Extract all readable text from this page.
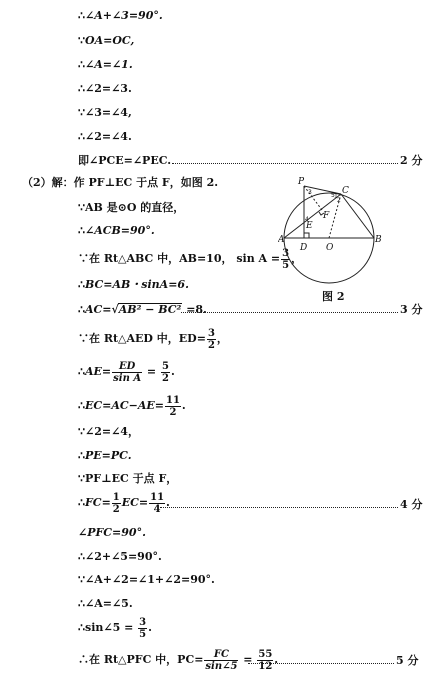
∴∠A+∠3=90°.
∵OA=OC,
∴∠A=∠1.
∴∠2=∠3.
∵∠3=∠4,
∴∠2=∠4.
即∠PCE=∠PEC.	2 分
（2）解：作 PF⊥EC 于点 F，如图 2.
∵AB 是⊙O 的直径，
∴∠ACB=90°.
∵在 Rt△ABC 中，AB=10， $\sin A = \frac{3}{5}$ ，
∴BC=AB・sinA=6.
∴AC=√AB² − BC² =8.	3 分
∵在 Rt△AED 中，$ED= \frac{3}{2}$ ，
∴AE= $\frac{ED}{\text{sin A}} = \frac{5}{2}$ .
∴EC=AC−AE= $\frac{11}{2}$ .
∵∠2=∠4，
∴PE=PC.
∵PF⊥EC 于点 F，
∴FC= $\frac{1}{2} EC= \frac{11}{4}$ .	4 分
∠PFC=90°.
∴∠2+∠5=90°.
∵∠A+∠2=∠1+∠2=90°.
∴∠A=∠5.
∴sin∠5 = $\frac{3}{5}$ .
∴在 Rt△PFC 中，$PC= \frac{FC}{\sin\angle 5} = \frac{55}{12}$ .	5 分
P
C
A	B
D O
E
F
1
2
3
4
5
图 2
